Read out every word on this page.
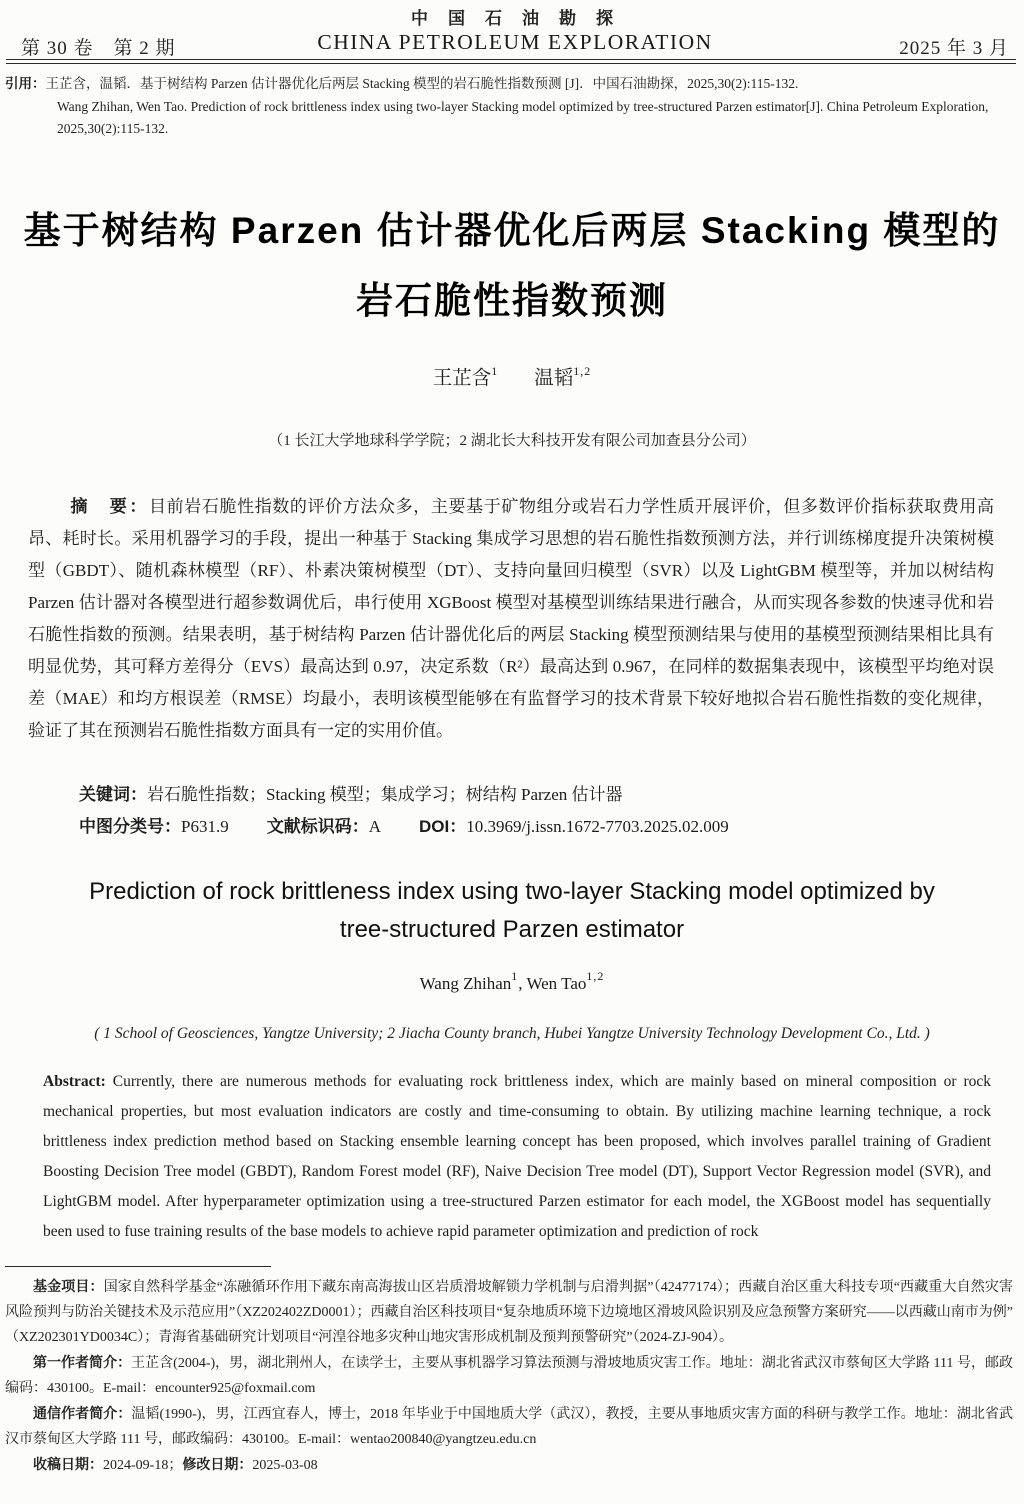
中国石油勘探
CHINA PETROLEUM EXPLORATION
第 30 卷　第 2 期	2025 年 3 月
引用：王芷含，温韬．基于树结构 Parzen 估计器优化后两层 Stacking 模型的岩石脆性指数预测 [J]．中国石油勘探，2025,30(2):115-132.
Wang Zhihan, Wen Tao. Prediction of rock brittleness index using two-layer Stacking model optimized by tree-structured Parzen estimator[J]. China Petroleum Exploration,
2025,30(2):115-132.
基于树结构 Parzen 估计器优化后两层 Stacking 模型的
岩石脆性指数预测
王芷含$^1$ 温韬$^{1,2}$
（1 长江大学地球科学学院；2 湖北长大科技开发有限公司加查县分公司）

摘　要：目前岩石脆性指数的评价方法众多，主要基于矿物组分或岩石力学性质开展评价，但多数评价指标获取费用高昂、耗时长。采用机器学习的手段，提出一种基于 Stacking 集成学习思想的岩石脆性指数预测方法，并行训练梯度提升决策树模型（GBDT）、随机森林模型（RF）、朴素决策树模型（DT）、支持向量回归模型（SVR）以及 LightGBM 模型等，并加以树结构 Parzen 估计器对各模型进行超参数调优后，串行使用 XGBoost 模型对基模型训练结果进行融合，从而实现各参数的快速寻优和岩石脆性指数的预测。结果表明，基于树结构 Parzen 估计器优化后的两层 Stacking 模型预测结果与使用的基模型预测结果相比具有明显优势，其可释方差得分（EVS）最高达到 0.97，决定系数（R²）最高达到 0.967，在同样的数据集表现中，该模型平均绝对误差（MAE）和均方根误差（RMSE）均最小，表明该模型能够在有监督学习的技术背景下较好地拟合岩石脆性指数的变化规律，验证了其在预测岩石脆性指数方面具有一定的实用价值。

关键词：岩石脆性指数；Stacking 模型；集成学习；树结构 Parzen 估计器

中图分类号：P631.9 文献标识码：A DOI：10.3969/j.issn.1672-7703.2025.02.009

Prediction of rock brittleness index using two-layer Stacking model optimized by
tree-structured Parzen estimator
Wang Zhihan$^1$, Wen Tao$^{1,2}$
( 1 School of Geosciences, Yangtze University; 2 Jiacha County branch, Hubei Yangtze University Technology Development Co., Ltd. )

Abstract: Currently, there are numerous methods for evaluating rock brittleness index, which are mainly based on mineral composition or rock mechanical properties, but most evaluation indicators are costly and time-consuming to obtain. By utilizing machine learning technique, a rock brittleness index prediction method based on Stacking ensemble learning concept has been proposed, which involves parallel training of Gradient Boosting Decision Tree model (GBDT), Random Forest model (RF), Naive Decision Tree model (DT), Support Vector Regression model (SVR), and LightGBM model. After hyperparameter optimization using a tree-structured Parzen estimator for each model, the XGBoost model has sequentially been used to fuse training results of the base models to achieve rapid parameter optimization and prediction of rock

基金项目：国家自然科学基金“冻融循环作用下藏东南高海拔山区岩质滑坡解锁力学机制与启滑判据”（42477174）；西藏自治区重大科技专项“西藏重大自然灾害风险预判与防治关键技术及示范应用”（XZ202402ZD0001）；西藏自治区科技项目“复杂地质环境下边境地区滑坡风险识别及应急预警方案研究——以西藏山南市为例”（XZ202301YD0034C）；青海省基础研究计划项目“河湟谷地多灾种山地灾害形成机制及预判预警研究”（2024-ZJ-904）。

第一作者简介：王芷含(2004-)，男，湖北荆州人，在读学士，主要从事机器学习算法预测与滑坡地质灾害工作。地址：湖北省武汉市蔡甸区大学路 111 号，邮政编码：430100。E-mail：encounter925@foxmail.com

通信作者简介：温韬(1990-)，男，江西宜春人，博士，2018 年毕业于中国地质大学（武汉），教授，主要从事地质灾害方面的科研与教学工作。地址：湖北省武汉市蔡甸区大学路 111 号，邮政编码：430100。E-mail：wentao200840@yangtzeu.edu.cn

收稿日期：2024-09-18；修改日期：2025-03-08
